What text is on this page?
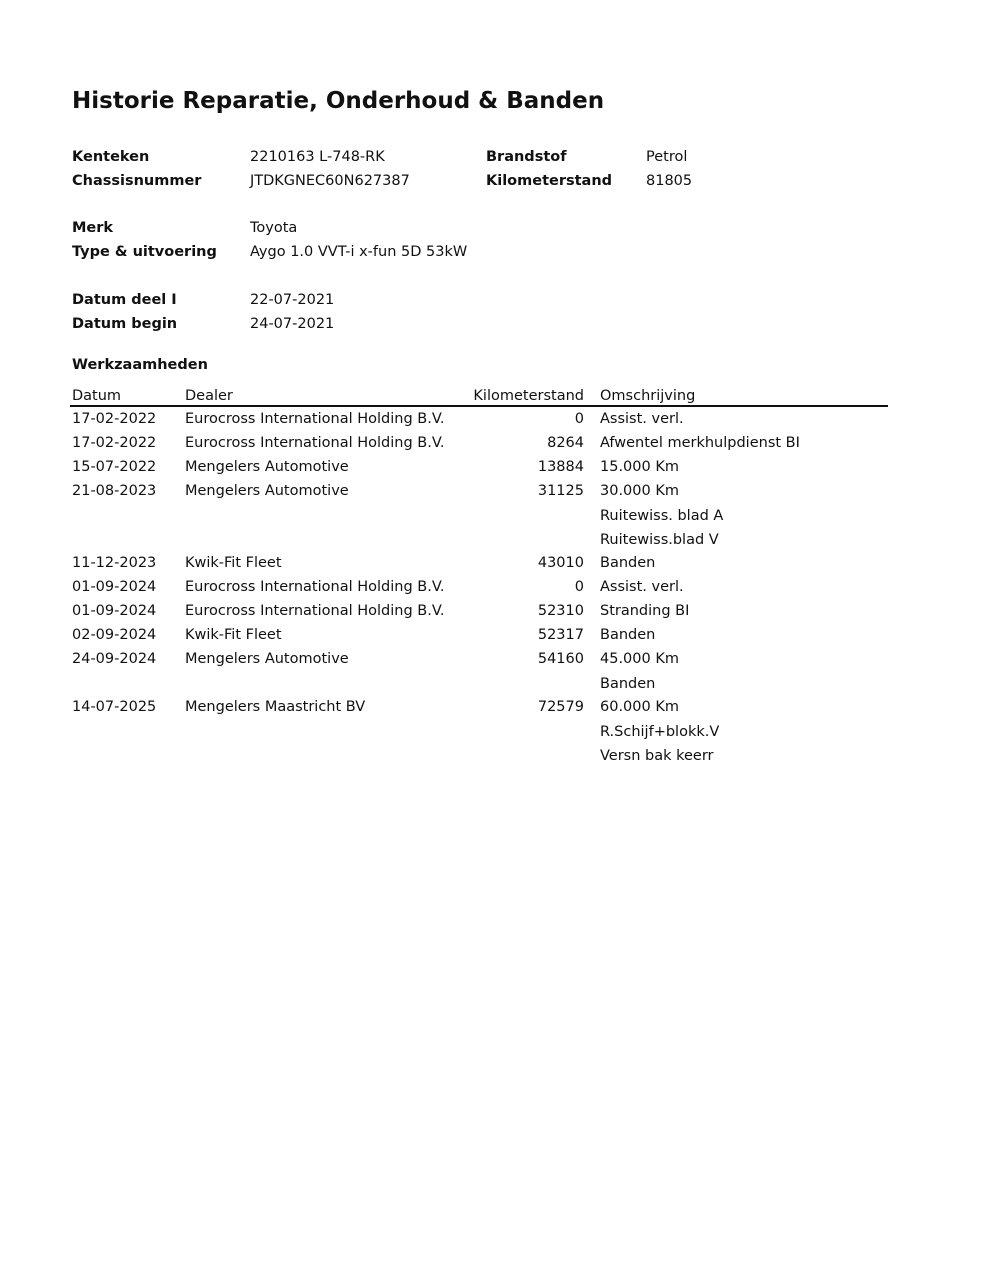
Historie Reparatie, Onderhoud & Banden
Kenteken	2210163 L-748-RK	Brandstof	Petrol
Chassisnummer	JTDKGNEC60N627387	Kilometerstand 81805
Merk	Toyota
Type & uitvoering Aygo 1.0 VVT-i x-fun 5D 53kW
Datum deel I	22-07-2021
Datum begin	24-07-2021
Werkzaamheden
Datum	Dealer	Kilometerstand	Omschrijving
17-02-2022	Eurocross International Holding B.V.	0	Assist. verl.
17-02-2022	Eurocross International Holding B.V.	8264	Afwentel merkhulpdienst BI
15-07-2022	Mengelers Automotive	13884	15.000 Km
21-08-2023	Mengelers Automotive	31125	30.000 Km
			Ruitewiss. blad A
			Ruitewiss.blad V
11-12-2023	Kwik-Fit Fleet	43010	Banden
01-09-2024	Eurocross International Holding B.V.	0	Assist. verl.
01-09-2024	Eurocross International Holding B.V.	52310	Stranding BI
02-09-2024	Kwik-Fit Fleet	52317	Banden
24-09-2024	Mengelers Automotive	54160	45.000 Km
			Banden
14-07-2025	Mengelers Maastricht BV	72579	60.000 Km
			R.Schijf+blokk.V
			Versn bak keerr
